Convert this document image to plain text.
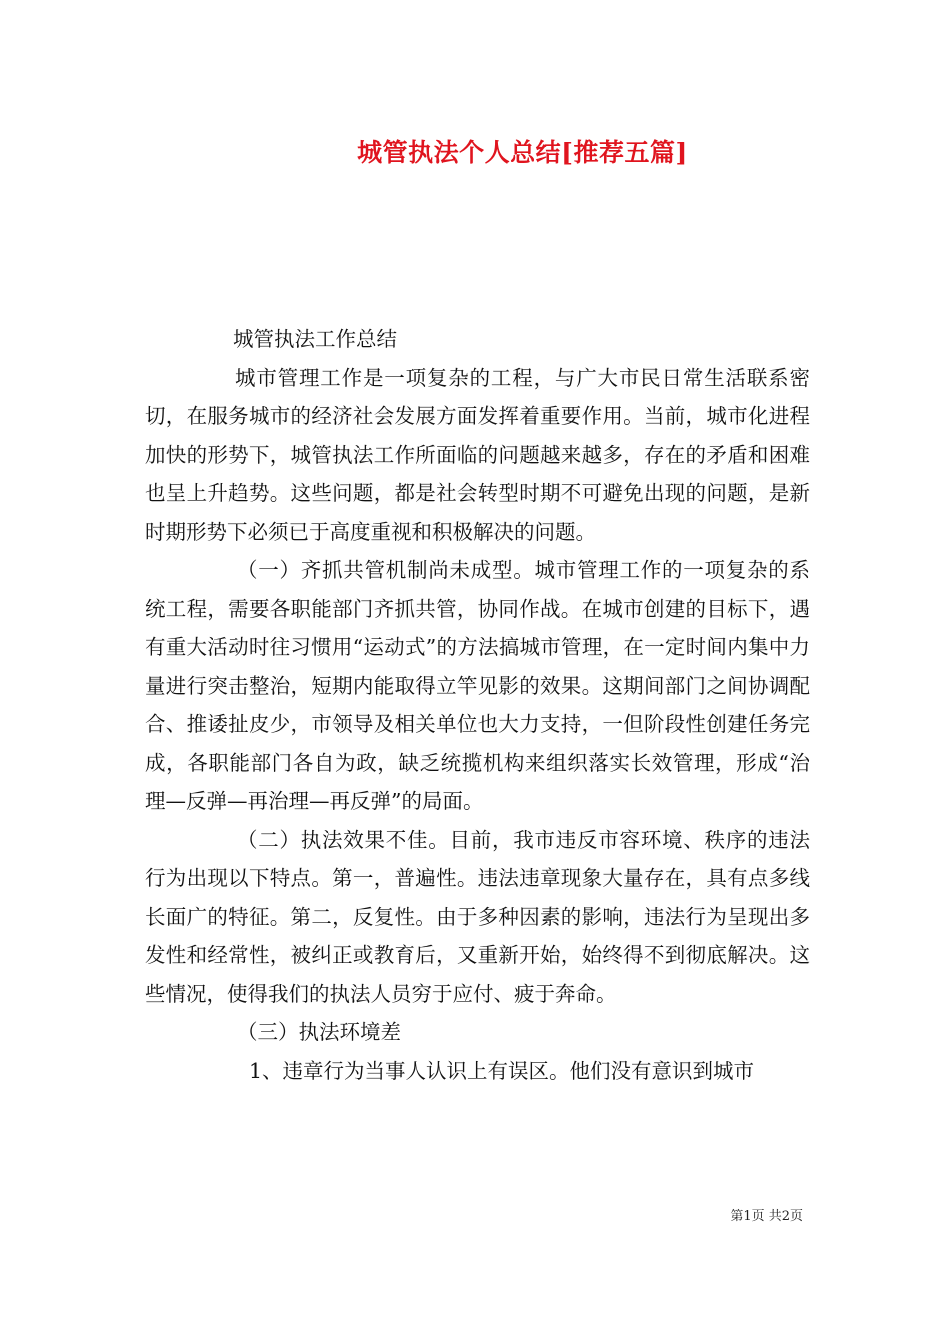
城管执法个人总结[推荐五篇]

城管执法工作总结

城市管理工作是一项复杂的工程，与广大市民日常生活联系密切，在服务城市的经济社会发展方面发挥着重要作用。当前，城市化进程加快的形势下，城管执法工作所面临的问题越来越多，存在的矛盾和困难也呈上升趋势。这些问题，都是社会转型时期不可避免出现的问题，是新时期形势下必须已于高度重视和积极解决的问题。

（一）齐抓共管机制尚未成型。城市管理工作的一项复杂的系统工程，需要各职能部门齐抓共管，协同作战。在城市创建的目标下，遇有重大活动时往习惯用“运动式”的方法搞城市管理，在一定时间内集中力量进行突击整治，短期内能取得立竿见影的效果。这期间部门之间协调配合、推诿扯皮少，市领导及相关单位也大力支持，一但阶段性创建任务完成，各职能部门各自为政，缺乏统揽机构来组织落实长效管理，形成“治理—反弹—再治理—再反弹”的局面。

（二）执法效果不佳。目前，我市违反市容环境、秩序的违法行为出现以下特点。第一，普遍性。违法违章现象大量存在，具有点多线长面广的特征。第二，反复性。由于多种因素的影响，违法行为呈现出多发性和经常性，被纠正或教育后，又重新开始，始终得不到彻底解决。这些情况，使得我们的执法人员穷于应付、疲于奔命。

（三）执法环境差

1、违章行为当事人认识上有误区。他们没有意识到城市

第1页 共2页
